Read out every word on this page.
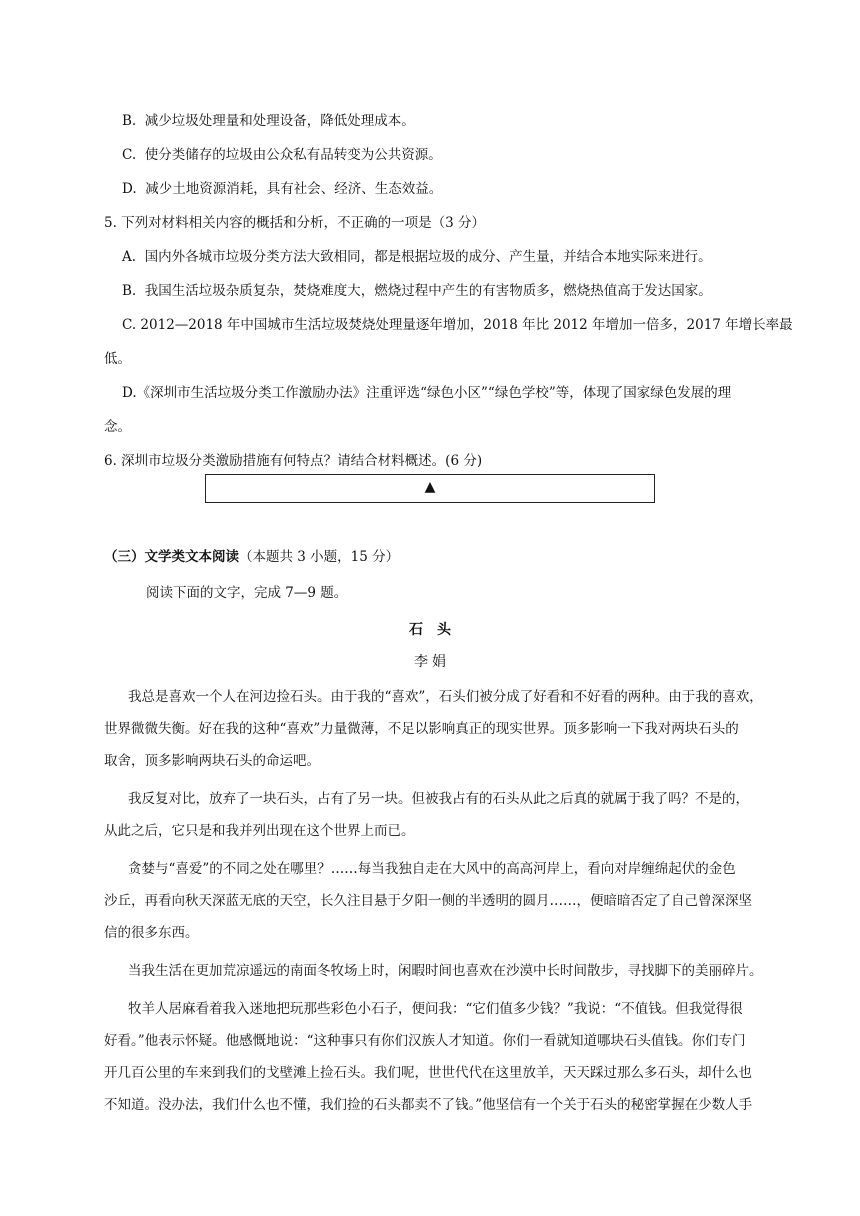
B.  减少垃圾处理量和处理设备，降低处理成本。
C.  使分类储存的垃圾由公众私有品转变为公共资源。
D.  减少土地资源消耗，具有社会、经济、生态效益。
5. 下列对材料相关内容的概括和分析，不正确的一项是（3 分）
A.  国内外各城市垃圾分类方法大致相同，都是根据垃圾的成分、产生量，并结合本地实际来进行。
B.  我国生活垃圾杂质复杂，焚烧难度大，燃烧过程中产生的有害物质多，燃烧热值高于发达国家。
C. 2012—2018 年中国城市生活垃圾焚烧处理量逐年增加，2018 年比 2012 年增加一倍多，2017 年增长率最
低。
D.《深圳市生活垃圾分类工作激励办法》注重评选“绿色小区”“绿色学校”等，体现了国家绿色发展的理
念。
6. 深圳市垃圾分类激励措施有何特点？请结合材料概述。(6 分)
▲
（三）文学类文本阅读（本题共 3 小题，15 分）
阅读下面的文字，完成 7—9 题。
石头
李娟
我总是喜欢一个人在河边捡石头。由于我的“喜欢”，石头们被分成了好看和不好看的两种。由于我的喜欢，
世界微微失衡。好在我的这种“喜欢”力量微薄，不足以影响真正的现实世界。顶多影响一下我对两块石头的
取舍，顶多影响两块石头的命运吧。
我反复对比，放弃了一块石头，占有了另一块。但被我占有的石头从此之后真的就属于我了吗？不是的，
从此之后，它只是和我并列出现在这个世界上而已。
贪婪与“喜爱”的不同之处在哪里？……每当我独自走在大风中的高高河岸上，看向对岸缠绵起伏的金色
沙丘，再看向秋天深蓝无底的天空，长久注目悬于夕阳一侧的半透明的圆月……，便暗暗否定了自己曾深深坚
信的很多东西。
当我生活在更加荒凉遥远的南面冬牧场上时，闲暇时间也喜欢在沙漠中长时间散步，寻找脚下的美丽碎片。
牧羊人居麻看着我入迷地把玩那些彩色小石子，便问我：“它们值多少钱？”我说：“不值钱。但我觉得很
好看。”他表示怀疑。他感慨地说：“这种事只有你们汉族人才知道。你们一看就知道哪块石头值钱。你们专门
开几百公里的车来到我们的戈壁滩上捡石头。我们呢，世世代代在这里放羊，天天踩过那么多石头，却什么也
不知道。没办法，我们什么也不懂，我们捡的石头都卖不了钱。”他坚信有一个关于石头的秘密掌握在少数人手
